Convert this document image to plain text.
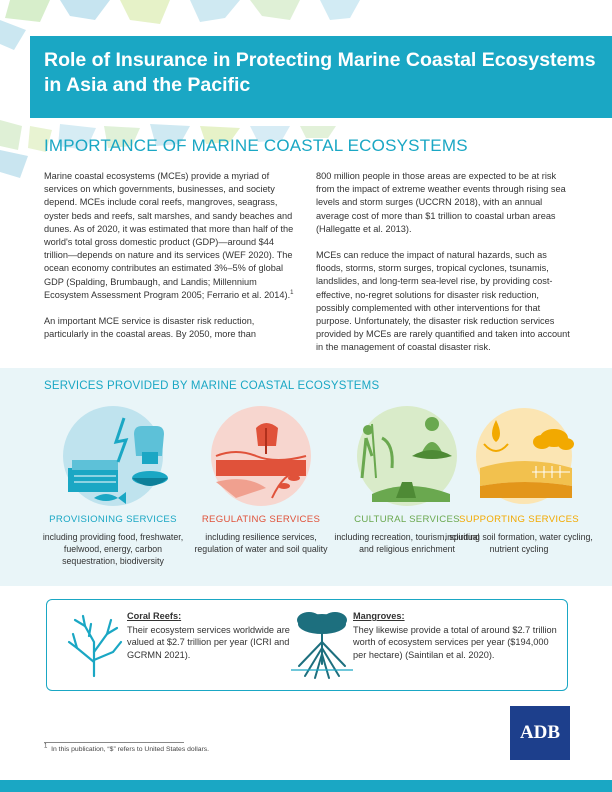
Role of Insurance in Protecting Marine Coastal Ecosystems in Asia and the Pacific
IMPORTANCE OF MARINE COASTAL ECOSYSTEMS

Marine coastal ecosystems (MCEs) provide a myriad of services on which governments, businesses, and society depend. MCEs include coral reefs, mangroves, seagrass, oyster beds and reefs, salt marshes, and sandy beaches and dunes. As of 2020, it was estimated that more than half of the world's total gross domestic product (GDP)—around $44 trillion—depends on nature and its services (WEF 2020). The ocean economy contributes an estimated 3%–5% of global GDP (Spalding, Brumbaugh, and Landis; Millennium Ecosystem Assessment Program 2005; Ferrario et al. 2014).$^1$

An important MCE service is disaster risk reduction, particularly in the coastal areas. By 2050, more than

800 million people in those areas are expected to be at risk from the impact of extreme weather events through rising sea levels and storm surges (UCCRN 2018), with an annual average cost of more than $1 trillion to coastal urban areas (Hallegatte et al. 2013).

MCEs can reduce the impact of natural hazards, such as floods, storms, storm surges, tropical cyclones, tsunamis, landslides, and long-term sea-level rise, by providing cost-effective, no-regret solutions for disaster risk reduction, possibly complemented with other interventions for that purpose. Unfortunately, the disaster risk reduction services provided by MCEs are rarely quantified and taken into account in the management of coastal disaster risk.

SERVICES PROVIDED BY MARINE COASTAL ECOSYSTEMS
PROVISIONING SERVICES
including providing food, freshwater, fuelwood, energy, carbon sequestration, biodiversity
REGULATING SERVICES
including resilience services, regulation of water and soil quality
CULTURAL SERVICES
including recreation, tourism, spiritual and religious enrichment
SUPPORTING SERVICES
including soil formation, water cycling, nutrient cycling
Coral Reefs:
Their ecosystem services worldwide are valued at $2.7 trillion per year (ICRI and GCRMN 2021).
Mangroves:
They likewise provide a total of around $2.7 trillion worth of ecosystem services per year ($194,000 per hectare) (Saintilan et al. 2020).
ADB
$^1$ In this publication, “$” refers to United States dollars.
